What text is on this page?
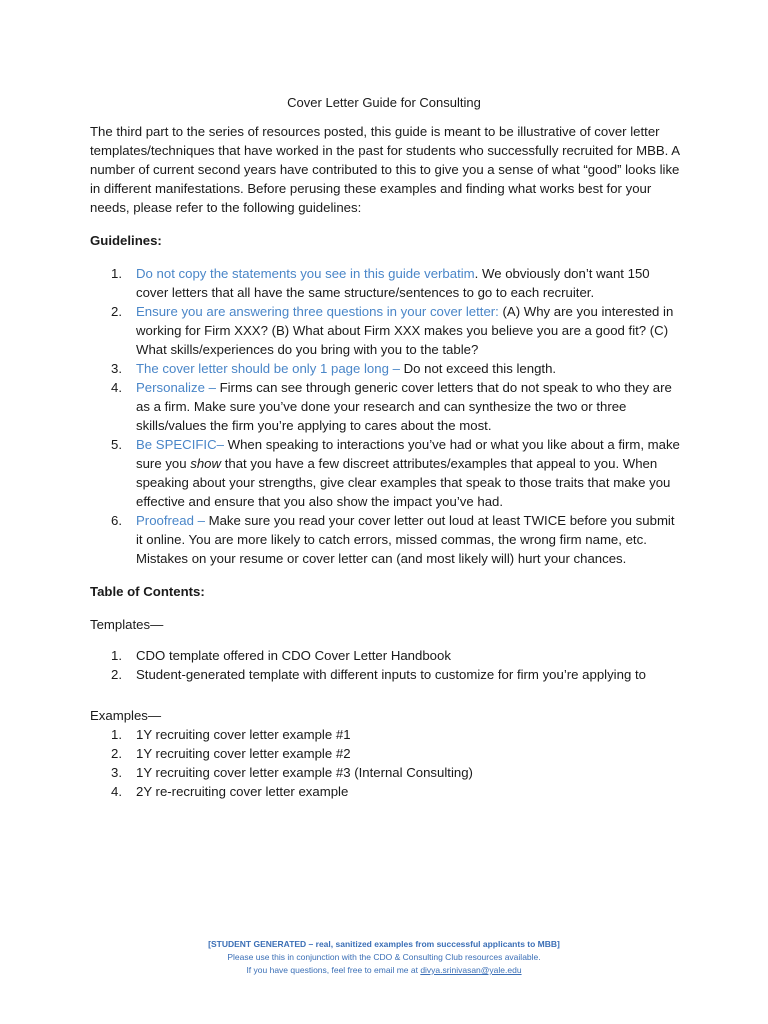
Cover Letter Guide for Consulting

The third part to the series of resources posted, this guide is meant to be illustrative of cover letter templates/techniques that have worked in the past for students who successfully recruited for MBB. A number of current second years have contributed to this to give you a sense of what “good” looks like in different manifestations. Before perusing these examples and finding what works best for your needs, please refer to the following guidelines:

Guidelines:

1. Do not copy the statements you see in this guide verbatim. We obviously don’t want 150 cover letters that all have the same structure/sentences to go to each recruiter.
2. Ensure you are answering three questions in your cover letter: (A) Why are you interested in working for Firm XXX? (B) What about Firm XXX makes you believe you are a good fit? (C) What skills/experiences do you bring with you to the table?
3. The cover letter should be only 1 page long – Do not exceed this length.
4. Personalize – Firms can see through generic cover letters that do not speak to who they are as a firm. Make sure you’ve done your research and can synthesize the two or three skills/values the firm you’re applying to cares about the most.
5. Be SPECIFIC– When speaking to interactions you’ve had or what you like about a firm, make sure you show that you have a few discreet attributes/examples that appeal to you. When speaking about your strengths, give clear examples that speak to those traits that make you effective and ensure that you also show the impact you’ve had.
6. Proofread – Make sure you read your cover letter out loud at least TWICE before you submit it online. You are more likely to catch errors, missed commas, the wrong firm name, etc. Mistakes on your resume or cover letter can (and most likely will) hurt your chances.

Table of Contents:

Templates—

1. CDO template offered in CDO Cover Letter Handbook
2. Student-generated template with different inputs to customize for firm you’re applying to

Examples—

1. 1Y recruiting cover letter example #1
2. 1Y recruiting cover letter example #2
3. 1Y recruiting cover letter example #3 (Internal Consulting)
4. 2Y re-recruiting cover letter example
[STUDENT GENERATED – real, sanitized examples from successful applicants to MBB]
Please use this in conjunction with the CDO & Consulting Club resources available.
If you have questions, feel free to email me at divya.srinivasan@yale.edu
